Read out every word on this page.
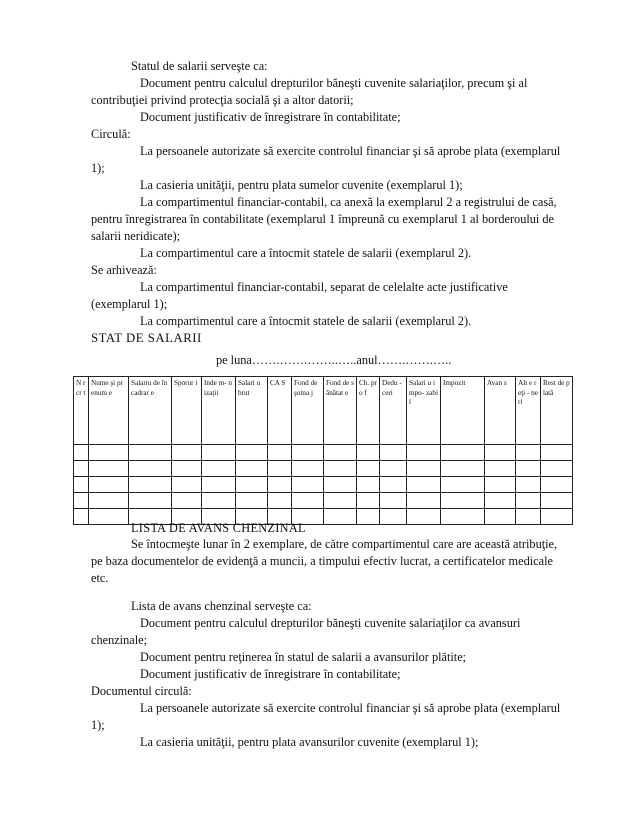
Statul de salarii serveşte ca:

Document pentru calculul drepturilor băneşti cuvenite salariaţilor, precum şi al

contribuţiei privind protecţia socială şi a altor datorii;

Document justificativ de înregistrare în contabilitate;

Circulă:

La persoanele autorizate să exercite controlul financiar şi să aprobe plata (exemplarul

1);

La casieria unităţii, pentru plata sumelor cuvenite (exemplarul 1);

La compartimentul financiar-contabil, ca anexă la exemplarul 2 a registrului de casă,

pentru înregistrarea în contabilitate (exemplarul 1 împreună cu exemplarul 1 al borderoului de

salarii neridicate);

La compartimentul care a întocmit statele de salarii (exemplarul 2).

Se arhivează:

La compartimentul financiar-contabil, separat de celelalte acte justificative

(exemplarul 1);

STAT DE SALARII
pe luna…….…….……..…..anul…….…….…..
N r cr t	Nume şi prenum e	Salariu de încadrar e	Sporur i	Inde m- nizaţii	Salari u brut	CA S	Fond de şoma j	Fond de sănătat e	Ch. pro f	Dedu - ceri	Salari u impo- zabil	Impozit	Avan s	Alt e reţi - neri	Rest de plată

LISTA DE AVANS CHENZINAL

Se întocmeşte lunar în 2 exemplare, de către compartimentul care are această atribuţie,

pe baza documentelor de evidenţă a muncii, a timpului efectiv lucrat, a certificatelor medicale

etc.

Lista de avans chenzinal serveşte ca:

Document pentru calculul drepturilor băneşti cuvenite salariaţilor ca avansuri

chenzinale;

Document pentru reţinerea în statul de salarii a avansurilor plătite;

Document justificativ de înregistrare în contabilitate;

Documentul circulă:

La persoanele autorizate să exercite controlul financiar şi să aprobe plata (exemplarul

1);

La casieria unităţii, pentru plata avansurilor cuvenite (exemplarul 1);

La compartimentul care a întocmit statele de salarii (exemplarul 2).
